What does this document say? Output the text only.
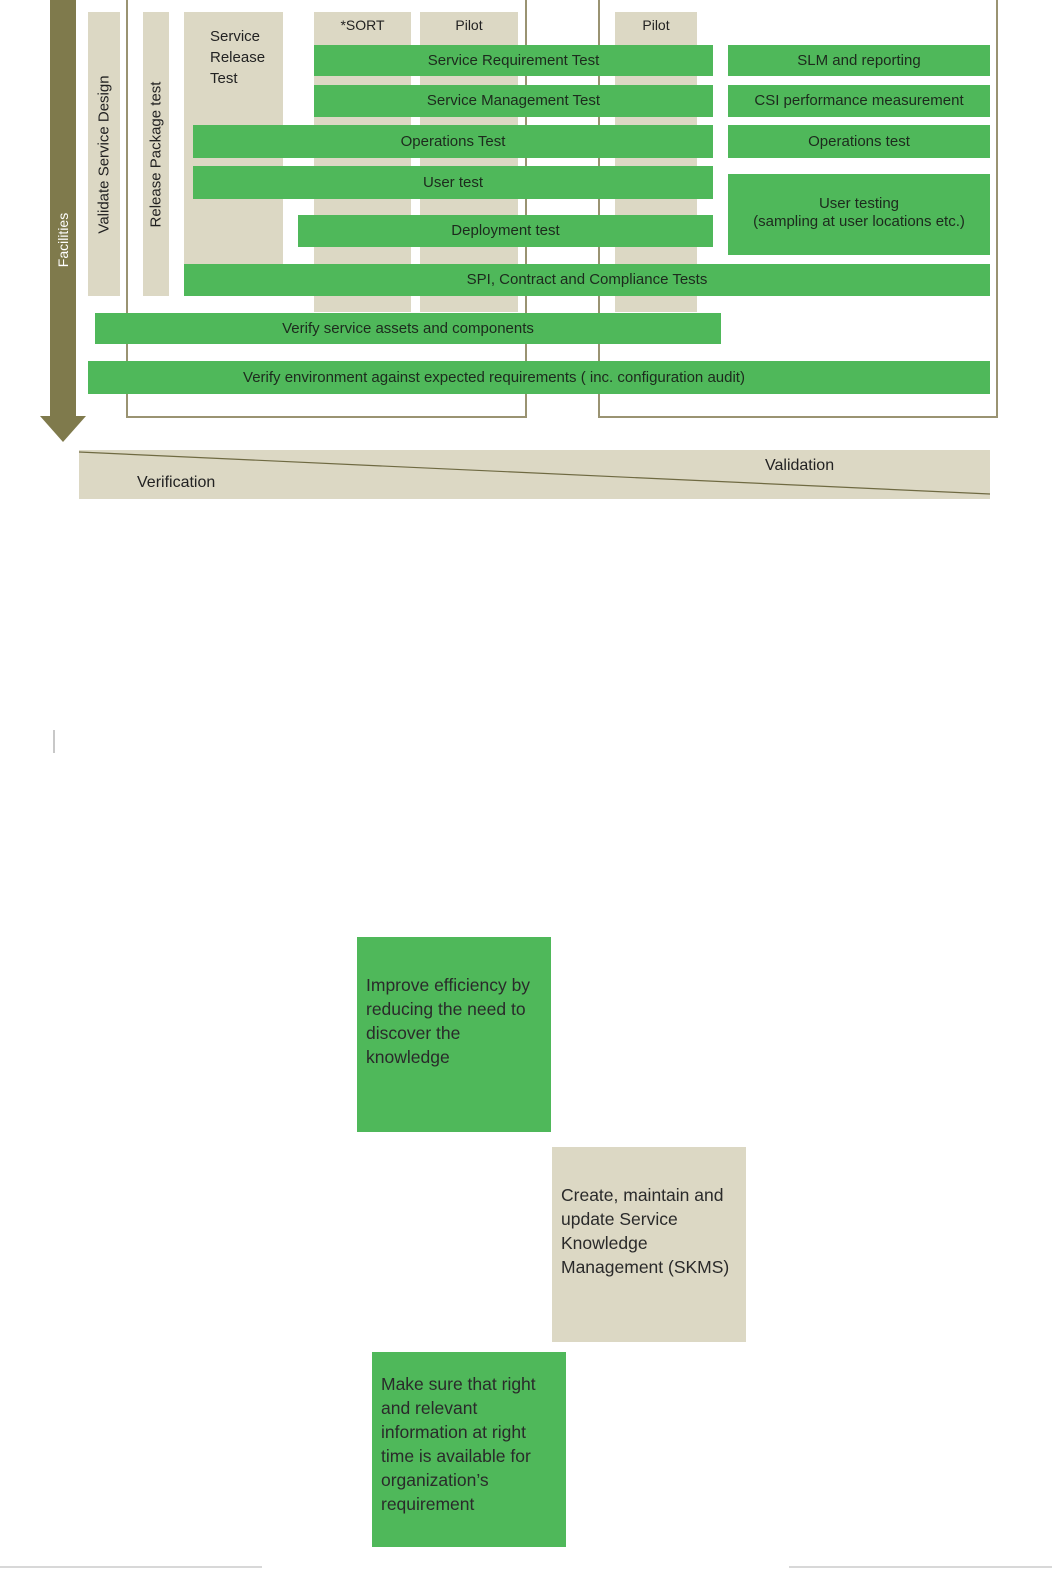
Facilities
Validate Service Design Release Package test
Service
Release
Test
*SORT	Pilot	Pilot
Service Requirement Test
Service Management Test
Operations Test
User test
Deployment test
SLM and reporting
CSI performance measurement
Operations test
User testing
(sampling at user locations etc.)
SPI, Contract and Compliance Tests
Verify service assets and components
Verify environment against expected requirements ( inc. configuration audit)
Verification
Validation
Improve efficiency by reducing the need to discover the knowledge
Create, maintain and update Service Knowledge Management (SKMS)
Make sure that right and relevant information at right time is available for organization’s requirement
